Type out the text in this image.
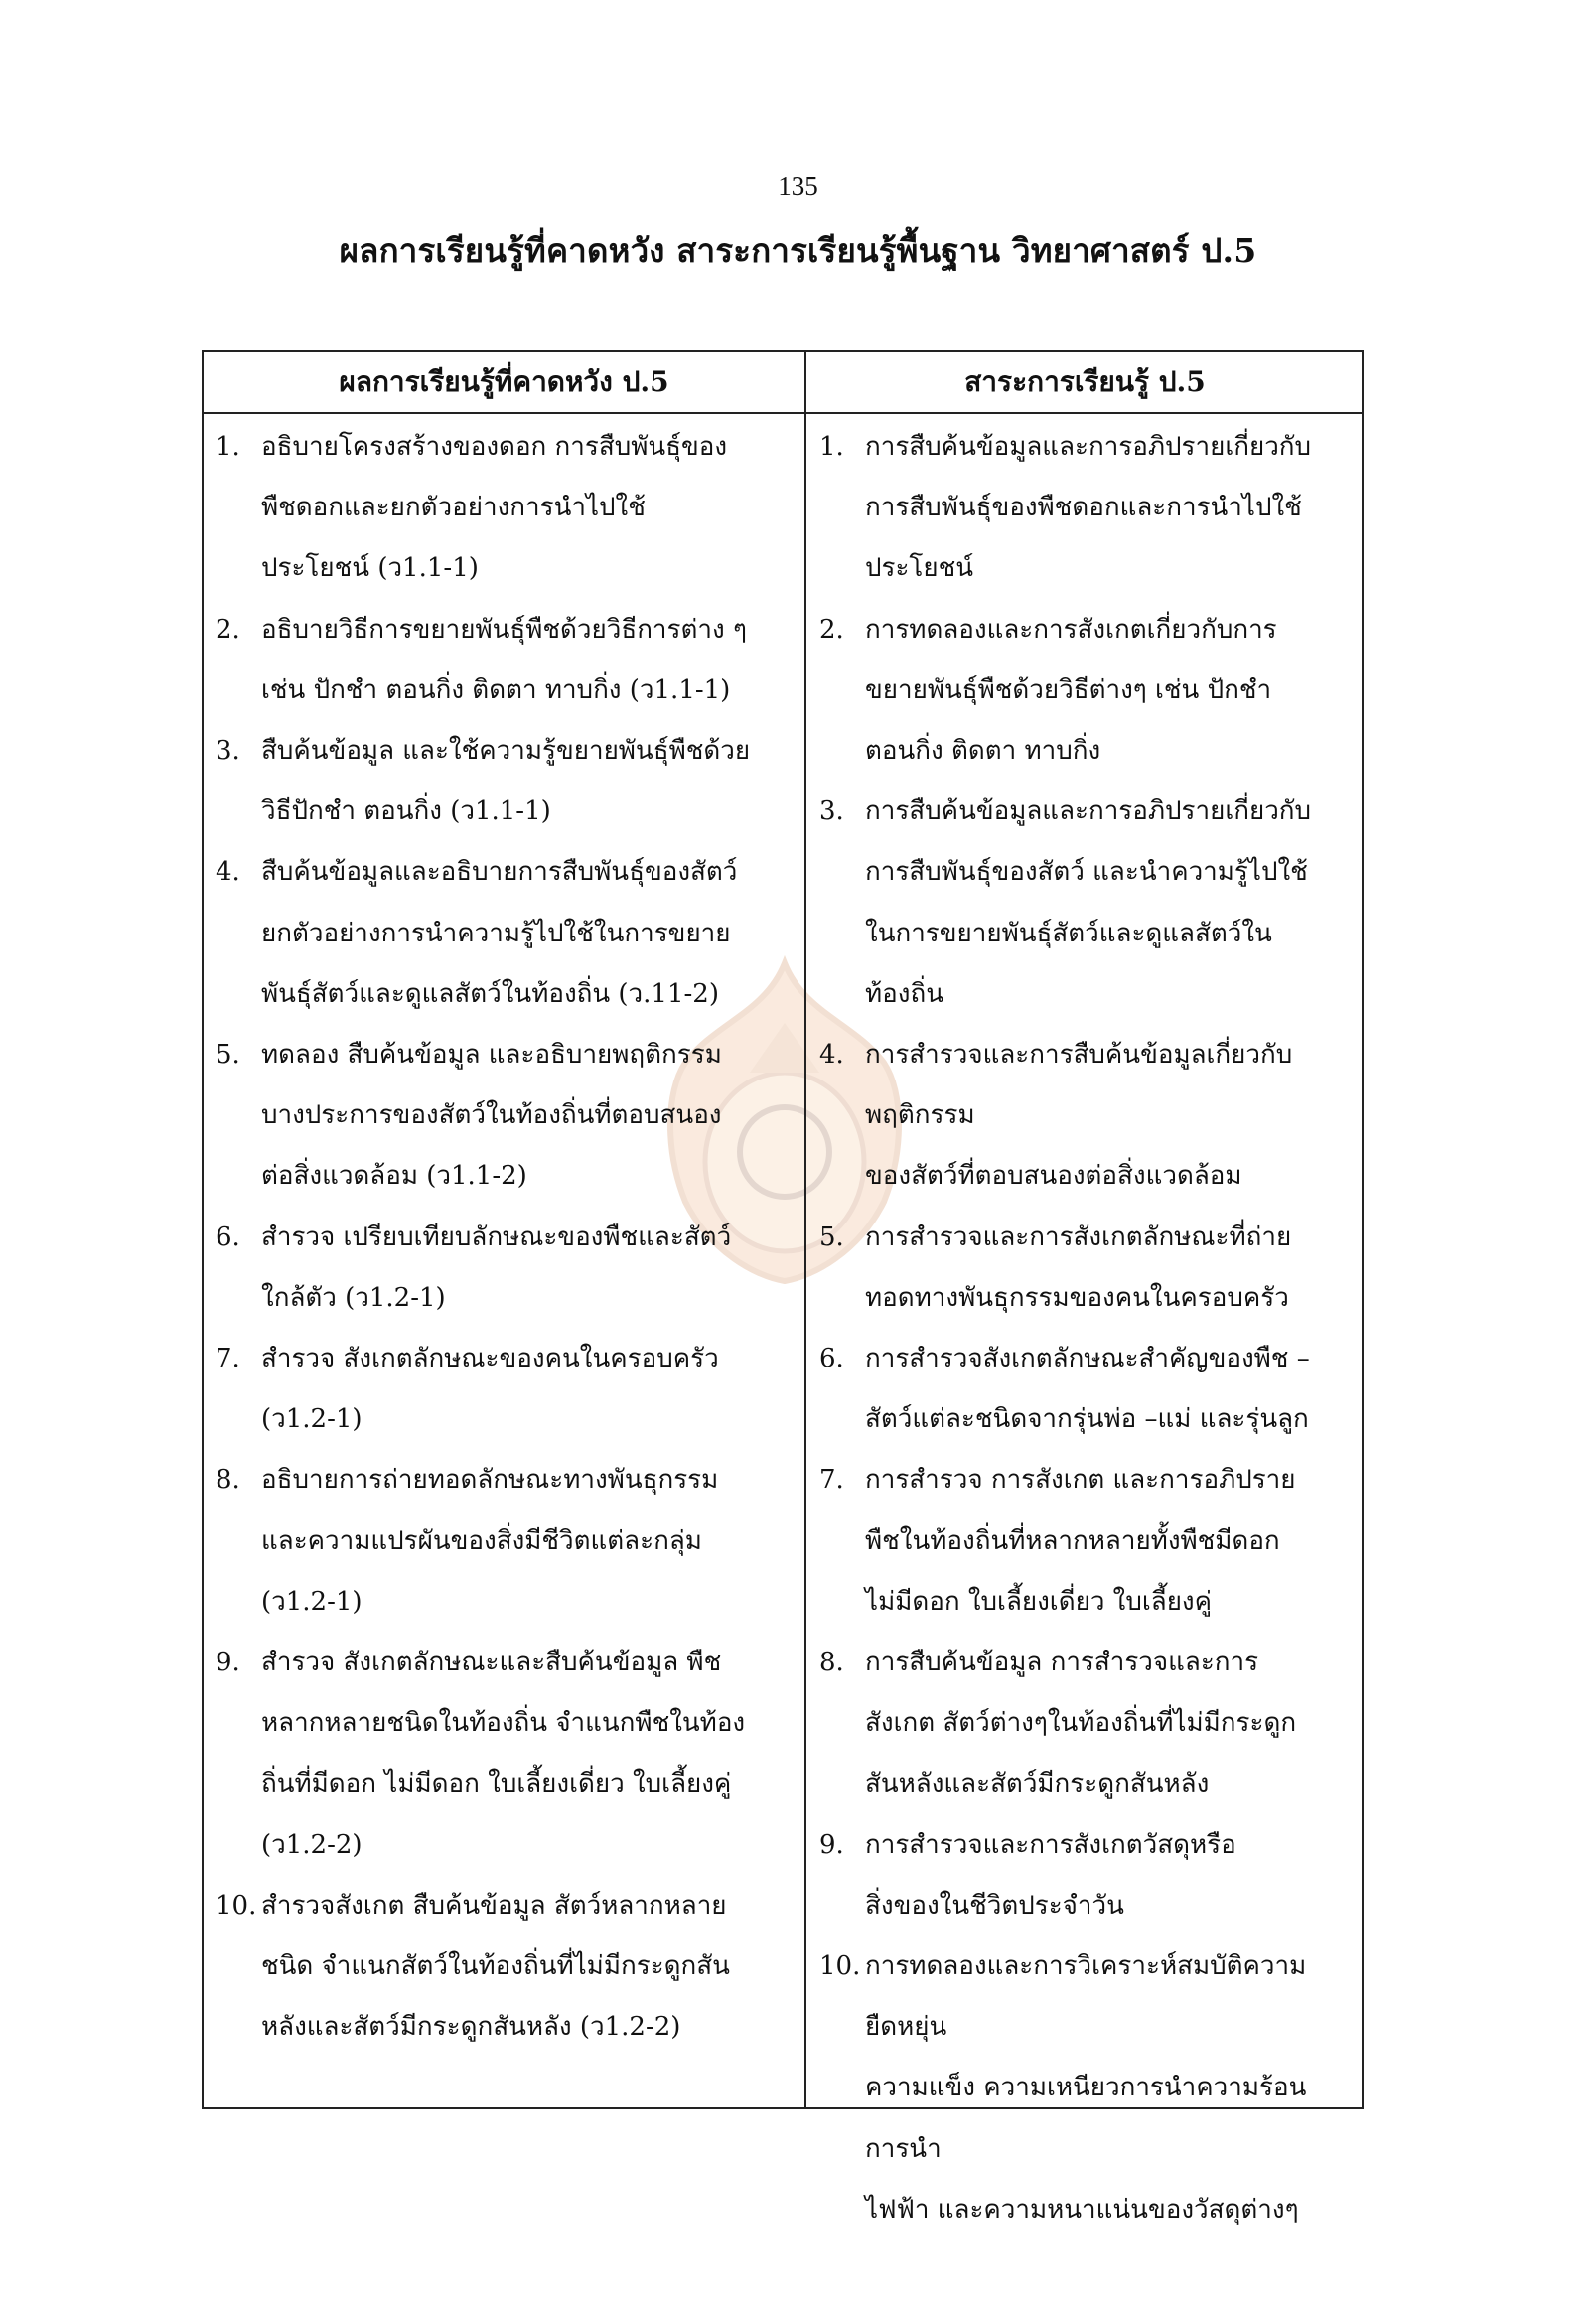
135
ผลการเรียนรู้ที่คาดหวัง สาระการเรียนรู้พื้นฐาน วิทยาศาสตร์ ป.5
ผลการเรียนรู้ที่คาดหวัง ป.5	สาระการเรียนรู้ ป.5
1. อธิบายโครงสร้างของดอก การสืบพันธุ์ของ
พืชดอกและยกตัวอย่างการนำไปใช้
ประโยชน์ (ว1.1-1)
2. อธิบายวิธีการขยายพันธุ์พืชด้วยวิธีการต่าง ๆ
เช่น ปักชำ ตอนกิ่ง ติดตา ทาบกิ่ง (ว1.1-1)
3. สืบค้นข้อมูล และใช้ความรู้ขยายพันธุ์พืชด้วย
วิธีปักชำ ตอนกิ่ง (ว1.1-1)
4. สืบค้นข้อมูลและอธิบายการสืบพันธุ์ของสัตว์
ยกตัวอย่างการนำความรู้ไปใช้ในการขยาย
พันธุ์สัตว์และดูแลสัตว์ในท้องถิ่น (ว.11-2)
5. ทดลอง สืบค้นข้อมูล และอธิบายพฤติกรรม
บางประการของสัตว์ในท้องถิ่นที่ตอบสนอง
ต่อสิ่งแวดล้อม (ว1.1-2)
6. สำรวจ เปรียบเทียบลักษณะของพืชและสัตว์
ใกล้ตัว (ว1.2-1)
7. สำรวจ สังเกตลักษณะของคนในครอบครัว
(ว1.2-1)
8. อธิบายการถ่ายทอดลักษณะทางพันธุกรรม
และความแปรผันของสิ่งมีชีวิตแต่ละกลุ่ม
(ว1.2-1)
9. สำรวจ สังเกตลักษณะและสืบค้นข้อมูล พืช
หลากหลายชนิดในท้องถิ่น จำแนกพืชในท้อง
ถิ่นที่มีดอก ไม่มีดอก ใบเลี้ยงเดี่ยว ใบเลี้ยงคู่
(ว1.2-2)
10. สำรวจสังเกต สืบค้นข้อมูล สัตว์หลากหลาย
ชนิด จำแนกสัตว์ในท้องถิ่นที่ไม่มีกระดูกสัน
หลังและสัตว์มีกระดูกสันหลัง (ว1.2-2)
1. การสืบค้นข้อมูลและการอภิปรายเกี่ยวกับ
การสืบพันธุ์ของพืชดอกและการนำไปใช้
ประโยชน์
2. การทดลองและการสังเกตเกี่ยวกับการ
ขยายพันธุ์พืชด้วยวิธีต่างๆ เช่น ปักชำ
ตอนกิ่ง ติดตา ทาบกิ่ง
3. การสืบค้นข้อมูลและการอภิปรายเกี่ยวกับ
การสืบพันธุ์ของสัตว์ และนำความรู้ไปใช้
ในการขยายพันธุ์สัตว์และดูแลสัตว์ใน
ท้องถิ่น
4. การสำรวจและการสืบค้นข้อมูลเกี่ยวกับพฤติกรรม
ของสัตว์ที่ตอบสนองต่อสิ่งแวดล้อม
5. การสำรวจและการสังเกตลักษณะที่ถ่าย
ทอดทางพันธุกรรมของคนในครอบครัว
6. การสำรวจสังเกตลักษณะสำคัญของพืช –
สัตว์แต่ละชนิดจากรุ่นพ่อ –แม่ และรุ่นลูก
7. การสำรวจ การสังเกต และการอภิปราย
พืชในท้องถิ่นที่หลากหลายทั้งพืชมีดอก
ไม่มีดอก ใบเลี้ยงเดี่ยว ใบเลี้ยงคู่
8. การสืบค้นข้อมูล การสำรวจและการ
สังเกต สัตว์ต่างๆในท้องถิ่นที่ไม่มีกระดูก
สันหลังและสัตว์มีกระดูกสันหลัง
9. การสำรวจและการสังเกตวัสดุหรือ
สิ่งของในชีวิตประจำวัน
10. การทดลองและการวิเคราะห์สมบัติความยืดหยุ่น
ความแข็ง ความเหนียวการนำความร้อนการนำ
ไฟฟ้า และความหนาแน่นของวัสดุต่างๆ
